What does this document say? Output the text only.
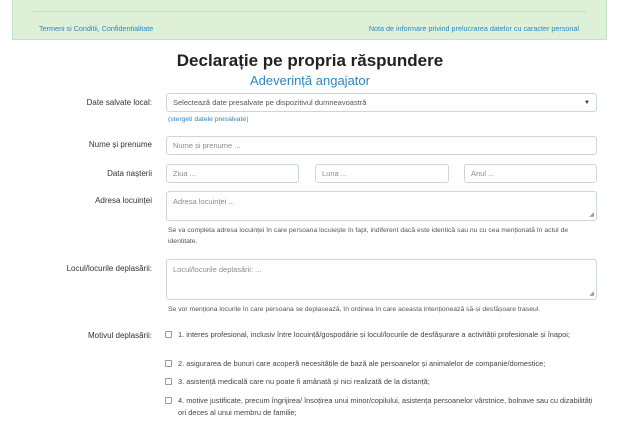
Termeni si Conditii, Confidentialitate	Nota de informare privind prelucrarea datelor cu caracter personal
Declarație pe propria răspundere
Adeverință angajator
Date salvate local:	Selectează date presalvate pe dispozitivul dumneavoastră	▼
(stergeti datele presalvate)
Nume și prenume	Nume și prenume ...
Data nașterii	Ziua ...	Luna ...	Anul ...
Adresa locuinței	Adresa locuinței ...
◢
Se va completa adresa locuinței în care persoana locuiește în fapt, indiferent dacă este identică sau nu cu cea menționată în actul de identitate.
Locul/locurile deplasării:	Locul/locurile deplasării: ...
◢
Se vor menționa locurile în care persoana se deplasează, în ordinea în care aceasta intenționează să-și desfășoare traseul.
Motivul deplasării:	1. interes profesional, inclusiv între locuință/gospodărie și locul/locurile de desfășurare a activității profesionale și înapoi;
2. asigurarea de bunuri care acoperă necesitățile de bază ale persoanelor și animalelor de companie/domestice;
3. asistență medicală care nu poate fi amânată și nici realizată de la distanță;
4. motive justificate, precum îngrijirea/ însoțirea unui minor/copilului, asistența persoanelor vârstnice, bolnave sau cu dizabilități ori deces al unui membru de familie;
